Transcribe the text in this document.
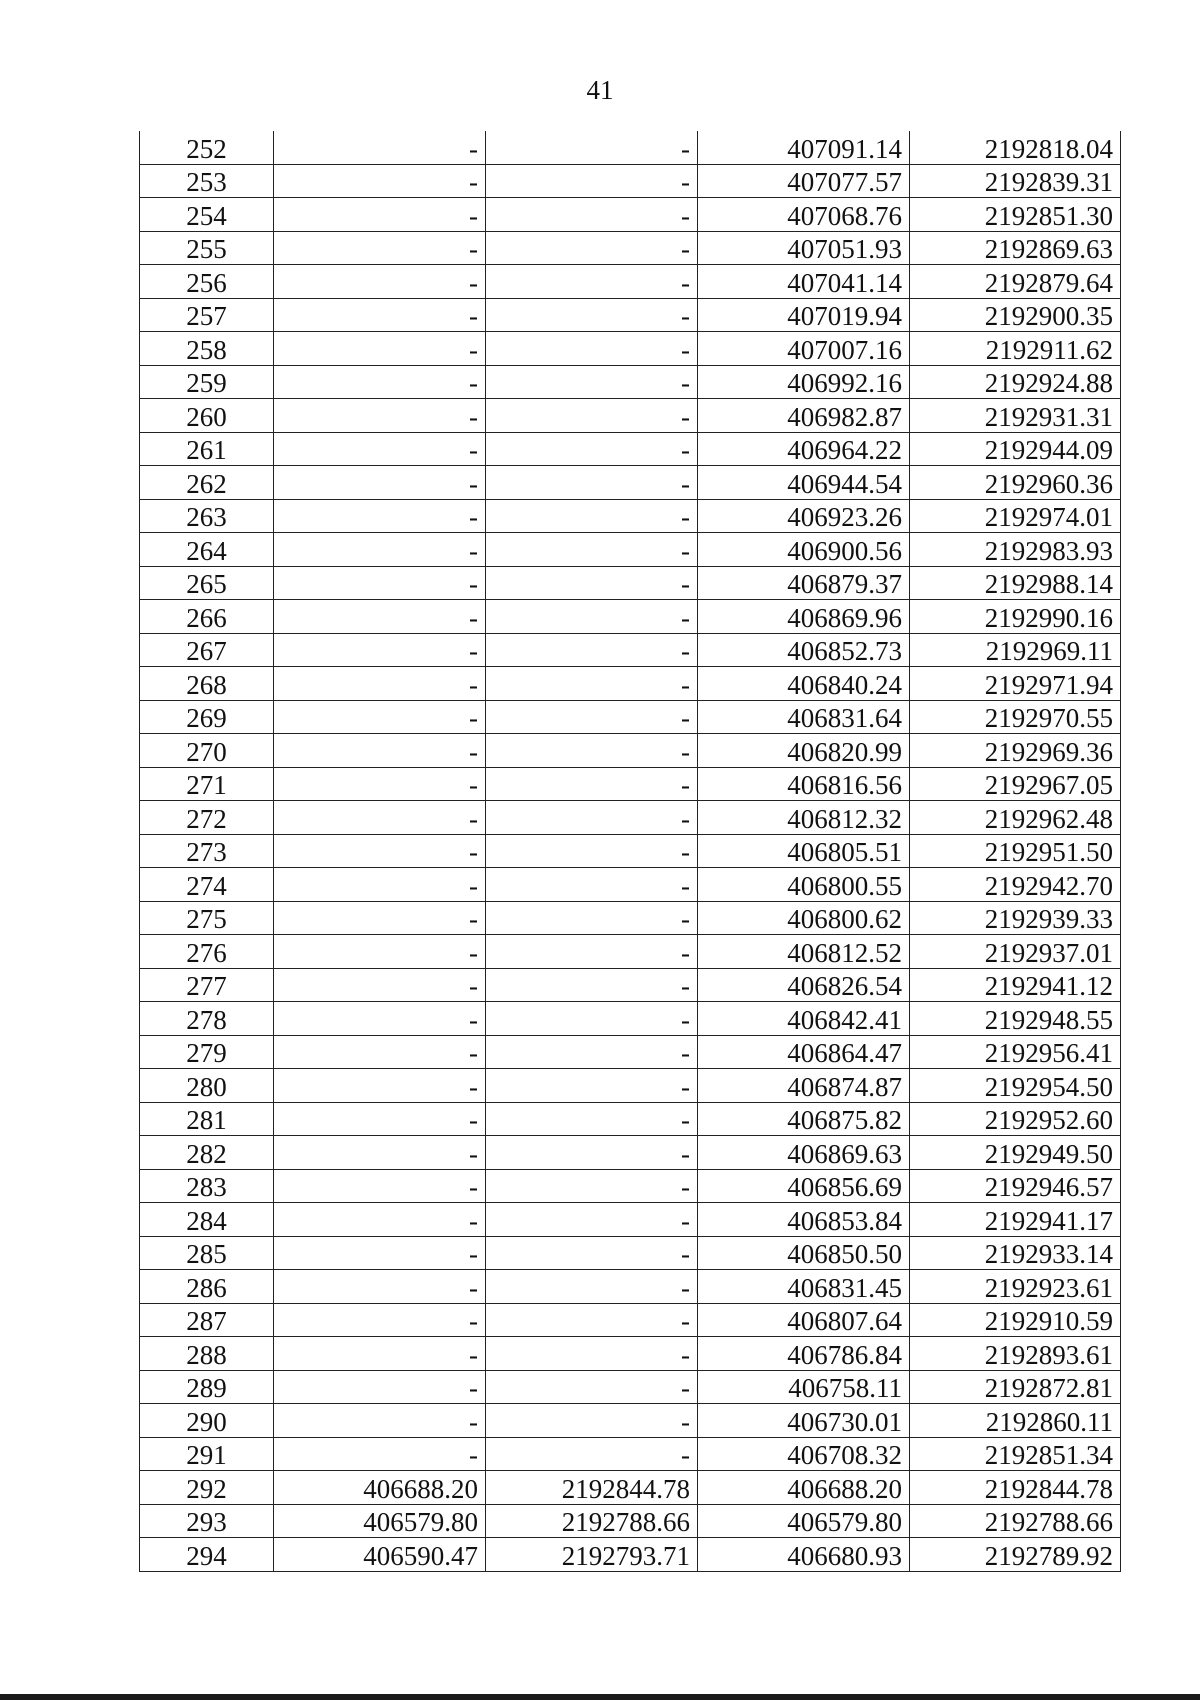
41
252	-	-	407091.14	2192818.04
253	-	-	407077.57	2192839.31
254	-	-	407068.76	2192851.30
255	-	-	407051.93	2192869.63
256	-	-	407041.14	2192879.64
257	-	-	407019.94	2192900.35
258	-	-	407007.16	2192911.62
259	-	-	406992.16	2192924.88
260	-	-	406982.87	2192931.31
261	-	-	406964.22	2192944.09
262	-	-	406944.54	2192960.36
263	-	-	406923.26	2192974.01
264	-	-	406900.56	2192983.93
265	-	-	406879.37	2192988.14
266	-	-	406869.96	2192990.16
267	-	-	406852.73	2192969.11
268	-	-	406840.24	2192971.94
269	-	-	406831.64	2192970.55
270	-	-	406820.99	2192969.36
271	-	-	406816.56	2192967.05
272	-	-	406812.32	2192962.48
273	-	-	406805.51	2192951.50
274	-	-	406800.55	2192942.70
275	-	-	406800.62	2192939.33
276	-	-	406812.52	2192937.01
277	-	-	406826.54	2192941.12
278	-	-	406842.41	2192948.55
279	-	-	406864.47	2192956.41
280	-	-	406874.87	2192954.50
281	-	-	406875.82	2192952.60
282	-	-	406869.63	2192949.50
283	-	-	406856.69	2192946.57
284	-	-	406853.84	2192941.17
285	-	-	406850.50	2192933.14
286	-	-	406831.45	2192923.61
287	-	-	406807.64	2192910.59
288	-	-	406786.84	2192893.61
289	-	-	406758.11	2192872.81
290	-	-	406730.01	2192860.11
291	-	-	406708.32	2192851.34
292	406688.20	2192844.78	406688.20	2192844.78
293	406579.80	2192788.66	406579.80	2192788.66
294	406590.47	2192793.71	406680.93	2192789.92
